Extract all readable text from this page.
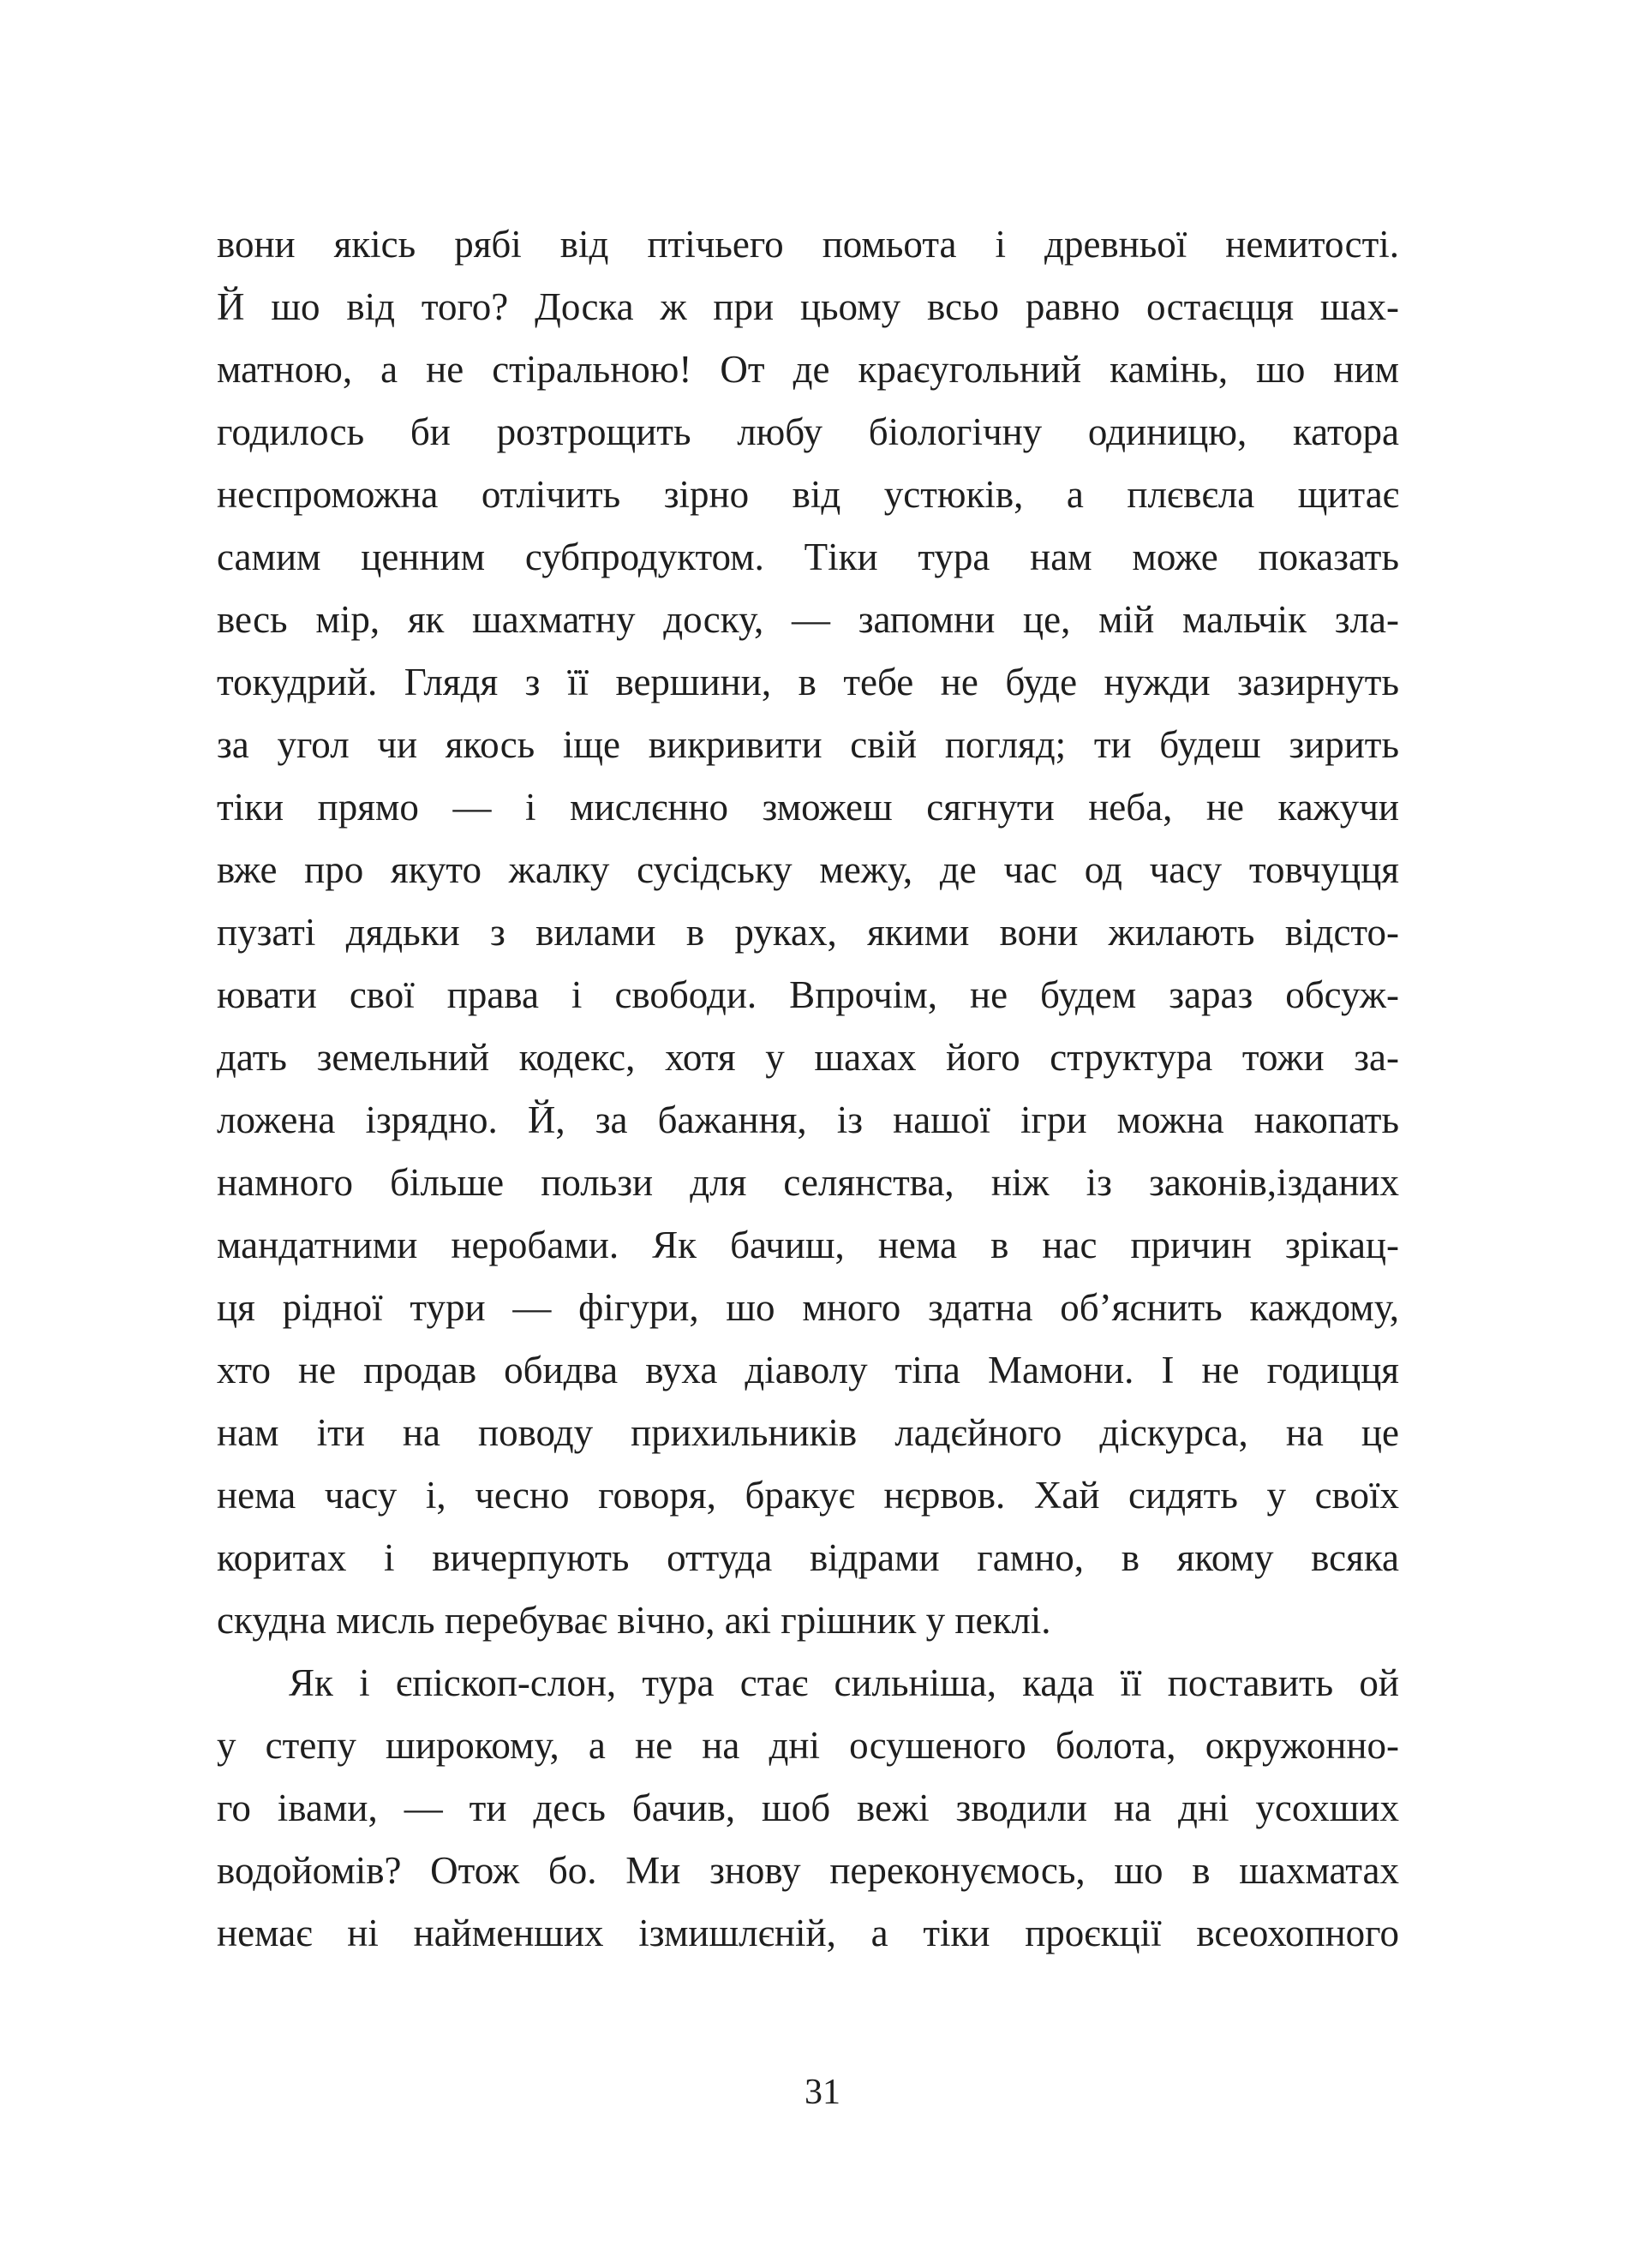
вони якісь рябі від птічьего помьота і древньої немитості.
Й шо від того? Доска ж при цьому всьо равно остаєцця шах-
матною, а не стіральною! От де краєугольний камінь, шо ним
годилось би розтрощить любу біологічну одиницю, катора
неспроможна отлічить зірно від устюків, а плєвєла щитає
самим ценним субпродуктом. Тіки тура нам може показать
весь мір, як шахматну доску, — запомни це, мій мальчік зла-
токудрий. Глядя з її вершини, в тебе не буде нужди зазирнуть
за угол чи якось іще викривити свій погляд; ти будеш зирить
тіки прямо — і мислєнно зможеш сягнути неба, не кажучи
вже про якуто жалку сусідську межу, де час од часу товчуцця
пузаті дядьки з вилами в руках, якими вони жилають відсто-
ювати свої права і свободи. Впрочім, не будем зараз обсуж-
дать земельний кодекс, хотя у шахах його структура тожи за-
ложена ізрядно. Й, за бажання, із нашої ігри можна накопать
намного більше пользи для селянства, ніж із законів,ізданих
мандатними неробами. Як бачиш, нема в нас причин зрікац-
ця рідної тури — фігури, шо много здатна об’яснить каждому,
хто не продав обидва вуха діаволу тіпа Мамони. І не годицця
нам іти на поводу прихильників ладєйного діскурса, на це
нема часу і, чесно говоря, бракує нєрвов. Хай сидять у своїх
коритах і вичерпують оттуда відрами гамно, в якому всяка
скудна мисль перебуває вічно, акі грішник у пеклі.
Як і єпіскоп-слон, тура стає сильніша, када її поставить ой
у степу широкому, а не на дні осушеного болота, окружонно-
го івами, — ти десь бачив, шоб вежі зводили на дні усохших
водойомів? Отож бо. Ми знову переконуємось, шо в шахматах
немає ні найменших ізмишлєній, а тіки проєкції всеохопного
31
